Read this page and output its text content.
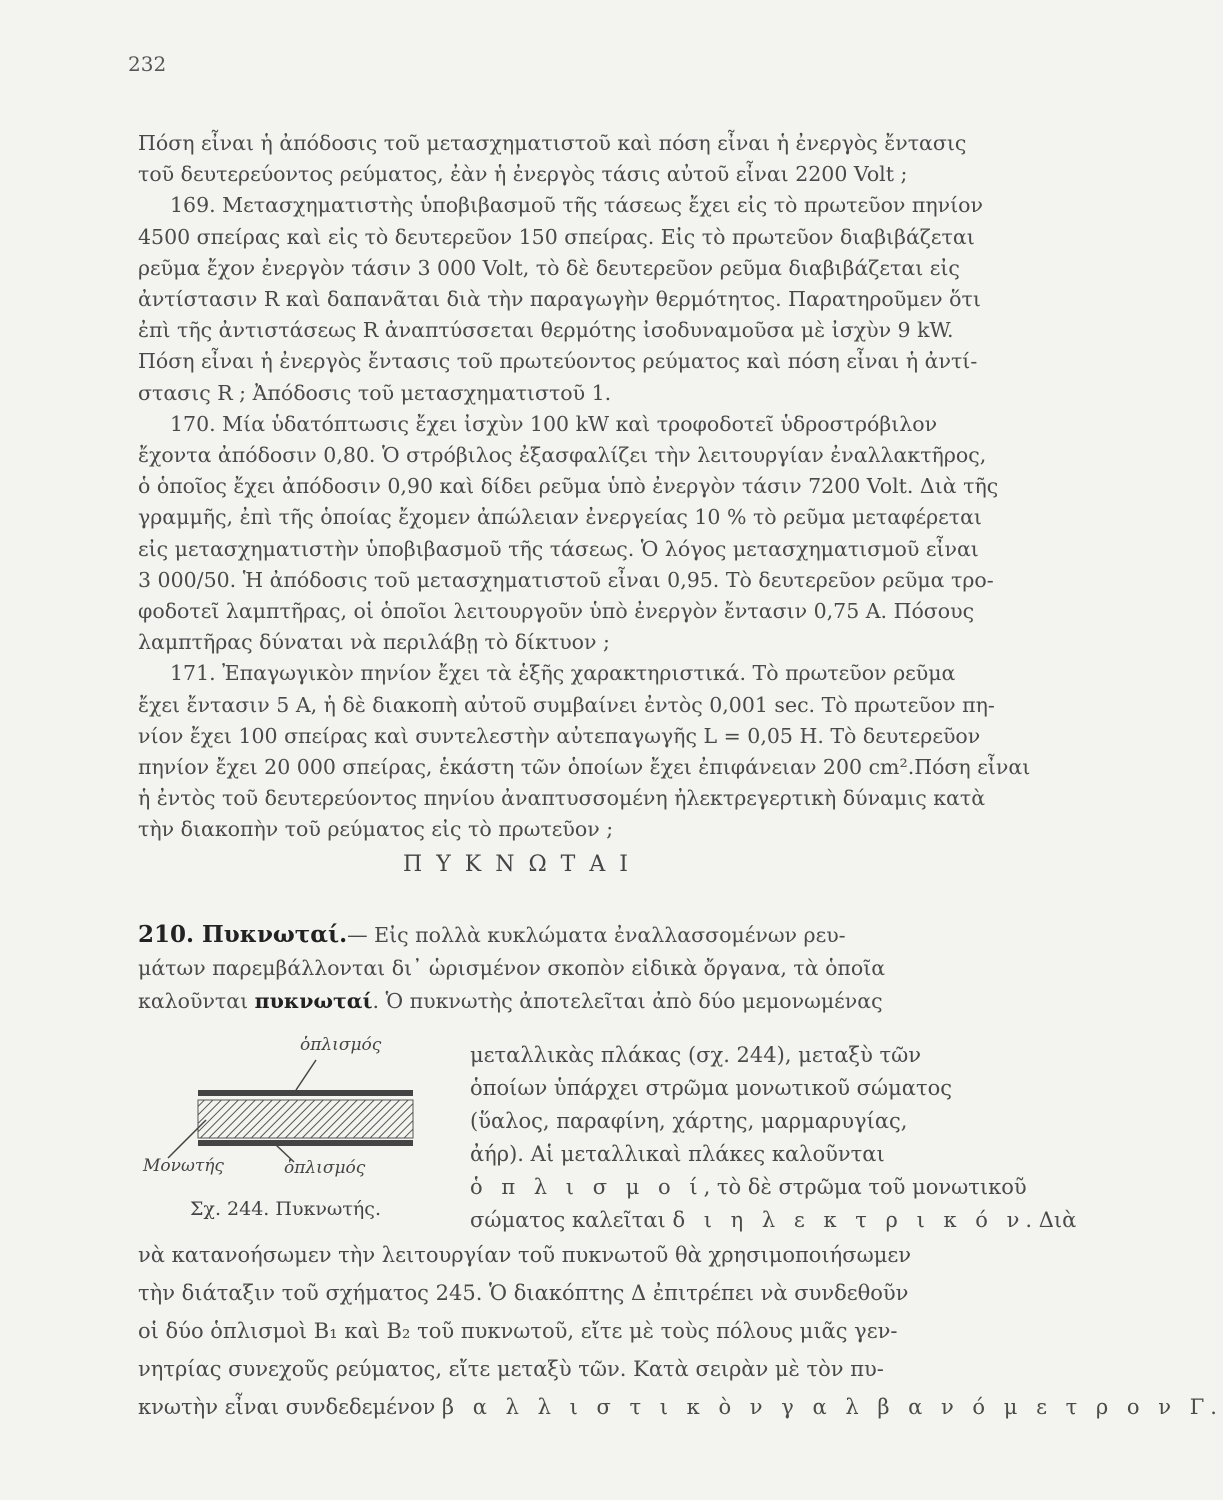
232
Πόση εἶναι ἡ ἀπόδοσις τοῦ μετασχηματιστοῦ καὶ πόση εἶναι ἡ ἐνεργὸς ἔντασις
τοῦ δευτερεύοντος ρεύματος, ἐὰν ἡ ἐνεργὸς τάσις αὐτοῦ εἶναι 2200 Volt ;
169. Μετασχηματιστὴς ὑποβιβασμοῦ τῆς τάσεως ἔχει εἰς τὸ πρωτεῦον πηνίον
4500 σπείρας καὶ εἰς τὸ δευτερεῦον 150 σπείρας. Εἰς τὸ πρωτεῦον διαβιβάζεται
ρεῦμα ἔχον ἐνεργὸν τάσιν 3 000 Volt, τὸ δὲ δευτερεῦον ρεῦμα διαβιβάζεται εἰς
ἀντίστασιν R καὶ δαπανᾶται διὰ τὴν παραγωγὴν θερμότητος. Παρατηροῦμεν ὅτι
ἐπὶ τῆς ἀντιστάσεως R ἀναπτύσσεται θερμότης ἰσοδυναμοῦσα μὲ ἰσχὺν 9 kW.
Πόση εἶναι ἡ ἐνεργὸς ἔντασις τοῦ πρωτεύοντος ρεύματος καὶ πόση εἶναι ἡ ἀντί-
στασις R ; Ἀπόδοσις τοῦ μετασχηματιστοῦ 1.
170. Μία ὑδατόπτωσις ἔχει ἰσχὺν 100 kW καὶ τροφοδοτεῖ ὑδροστρόβιλον
ἔχοντα ἀπόδοσιν 0,80. Ὁ στρόβιλος ἐξασφαλίζει τὴν λειτουργίαν ἐναλλακτῆρος,
ὁ ὁποῖος ἔχει ἀπόδοσιν 0,90 καὶ δίδει ρεῦμα ὑπὸ ἐνεργὸν τάσιν 7200 Volt. Διὰ τῆς
γραμμῆς, ἐπὶ τῆς ὁποίας ἔχομεν ἀπώλειαν ἐνεργείας 10 % τὸ ρεῦμα μεταφέρεται
εἰς μετασχηματιστὴν ὑποβιβασμοῦ τῆς τάσεως. Ὁ λόγος μετασχηματισμοῦ εἶναι
3 000/50. Ἡ ἀπόδοσις τοῦ μετασχηματιστοῦ εἶναι 0,95. Τὸ δευτερεῦον ρεῦμα τρο-
φοδοτεῖ λαμπτῆρας, οἱ ὁποῖοι λειτουργοῦν ὑπὸ ἐνεργὸν ἔντασιν 0,75 A. Πόσους
λαμπτῆρας δύναται νὰ περιλάβῃ τὸ δίκτυον ;
171. Ἐπαγωγικὸν πηνίον ἔχει τὰ ἑξῆς χαρακτηριστικά. Τὸ πρωτεῦον ρεῦμα
ἔχει ἔντασιν 5 A, ἡ δὲ διακοπὴ αὐτοῦ συμβαίνει ἐντὸς 0,001 sec. Τὸ πρωτεῦον πη-
νίον ἔχει 100 σπείρας καὶ συντελεστὴν αὐτεπαγωγῆς L = 0,05 H. Τὸ δευτερεῦον
πηνίον ἔχει 20 000 σπείρας, ἑκάστη τῶν ὁποίων ἔχει ἐπιφάνειαν 200 cm².Πόση εἶναι
ἡ ἐντὸς τοῦ δευτερεύοντος πηνίου ἀναπτυσσομένη ἠλεκτρεγερτικὴ δύναμις κατὰ
τὴν διακοπὴν τοῦ ρεύματος εἰς τὸ πρωτεῦον ;
ΠΥΚΝΩΤΑΙ
210. Πυκνωταί.— Εἰς πολλὰ κυκλώματα ἐναλλασσομένων ρευ-
μάτων παρεμβάλλονται δι᾽ ὡρισμένον σκοπὸν εἰδικὰ ὄργανα, τὰ ὁποῖα
καλοῦνται πυκνωταί. Ὁ πυκνωτὴς ἀποτελεῖται ἀπὸ δύο μεμονωμένας
μεταλλικὰς πλάκας (σχ. 244), μεταξὺ τῶν
ὁποίων ὑπάρχει στρῶμα μονωτικοῦ σώματος
(ὕαλος, παραφίνη, χάρτης, μαρμαρυγίας,
ἀήρ). Αἱ μεταλλικαὶ πλάκες καλοῦνται
ὁ π λ ι σ μ ο ί, τὸ δὲ στρῶμα τοῦ μονωτικοῦ
σώματος καλεῖται δ ι η λ ε κ τ ρ ι κ ό ν. Διὰ
ὁπλισμός
Μονωτής	ὁπλισμός
Σχ. 244. Πυκνωτής.
νὰ κατανοήσωμεν τὴν λειτουργίαν τοῦ πυκνωτοῦ θὰ χρησιμοποιήσωμεν
τὴν διάταξιν τοῦ σχήματος 245. Ὁ διακόπτης Δ ἐπιτρέπει νὰ συνδεθοῦν
οἱ δύο ὁπλισμοὶ B₁ καὶ B₂ τοῦ πυκνωτοῦ, εἴτε μὲ τοὺς πόλους μιᾶς γεν-
νητρίας συνεχοῦς ρεύματος, εἴτε μεταξὺ τῶν. Κατὰ σειρὰν μὲ τὸν πυ-
κνωτὴν εἶναι συνδεδεμένον β α λ λ ι σ τ ι κ ὸ ν γ α λ β α ν ό μ ε τ ρ ο ν Γ.
